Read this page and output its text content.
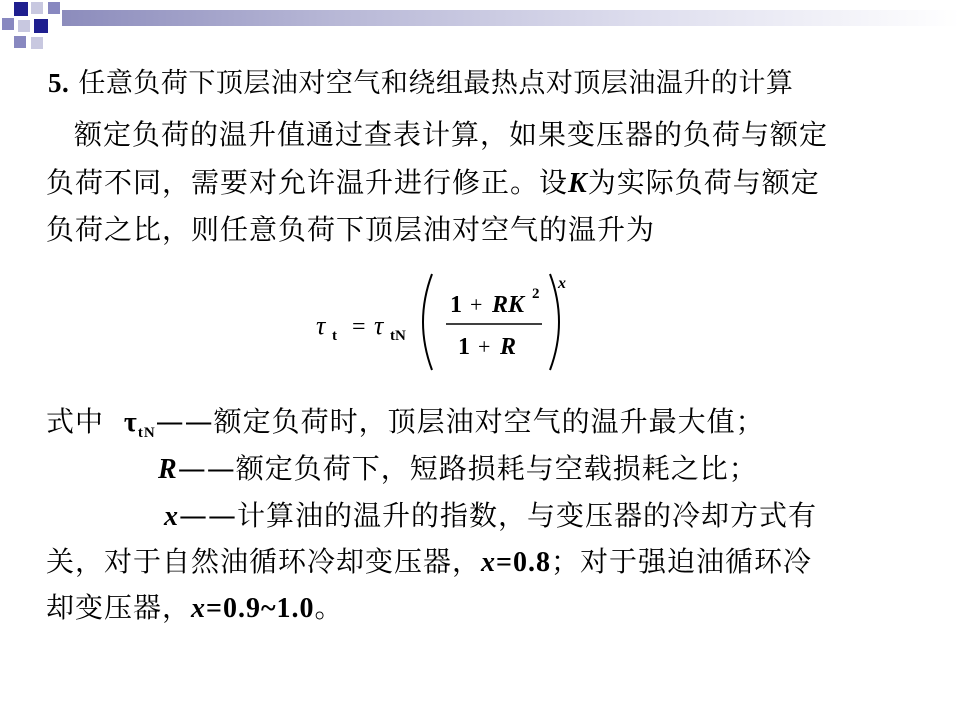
5. 任意负荷下顶层油对空气和绕组最热点对顶层油温升的计算
额定负荷的温升值通过查表计算，如果变压器的负荷与额定
负荷不同，需要对允许温升进行修正。设K为实际负荷与额定
负荷之比，则任意负荷下顶层油对空气的温升为
τ t = τ tN
1 + RK 2
1 + R
x
式中 $\tau_{tN}——$额定负荷时，顶层油对空气的温升最大值；
R——额定负荷下，短路损耗与空载损耗之比；
x——计算油的温升的指数，与变压器的冷却方式有
关，对于自然油循环冷却变压器，x=0.8；对于强迫油循环冷
却变压器，x=0.9~1.0。
